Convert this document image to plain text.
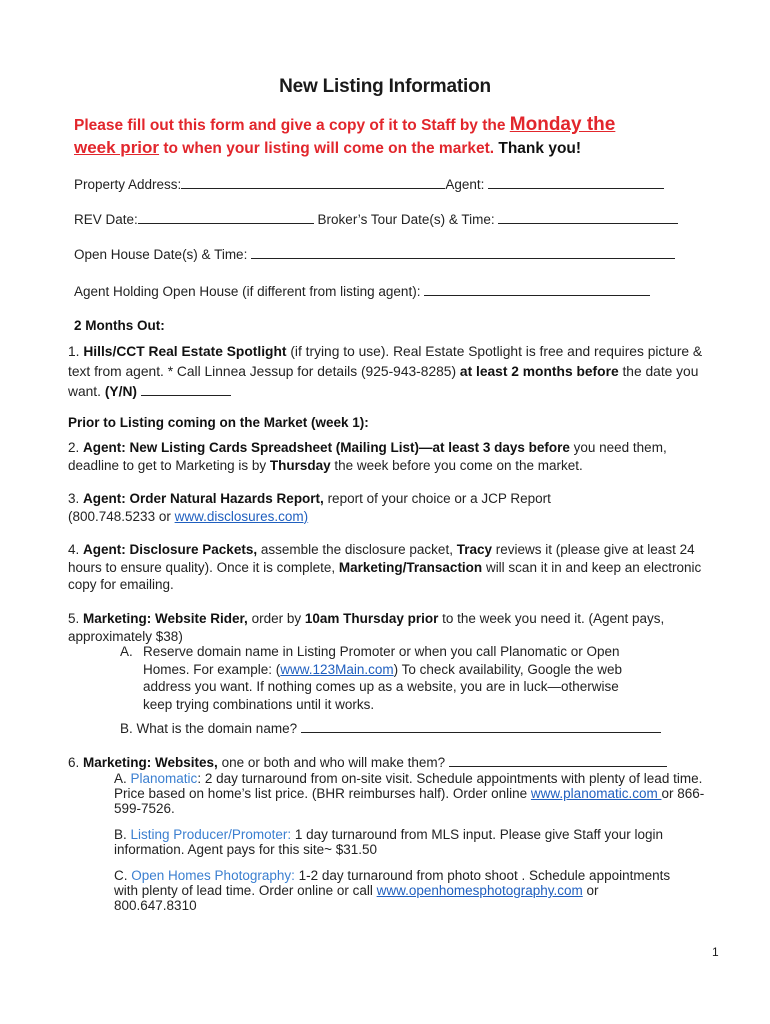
New Listing Information
Please fill out this form and give a copy of it to Staff by the Monday the
week prior to when your listing will come on the market. Thank you!
Property Address:	Agent:
REV Date:	Broker’s Tour Date(s) & Time:
Open House Date(s) & Time:
Agent Holding Open House (if different from listing agent):
2 Months Out:
1. Hills/CCT Real Estate Spotlight (if trying to use). Real Estate Spotlight is free and requires picture & text from agent. * Call Linnea Jessup for details (925-943-8285) at least 2 months before the date you want. (Y/N)
Prior to Listing coming on the Market (week 1):
2. Agent: New Listing Cards Spreadsheet (Mailing List)—at least 3 days before you need them, deadline to get to Marketing is by Thursday the week before you come on the market.
3. Agent: Order Natural Hazards Report, report of your choice or a JCP Report (800.748.5233 or www.disclosures.com)
4. Agent: Disclosure Packets, assemble the disclosure packet, Tracy reviews it (please give at least 24 hours to ensure quality). Once it is complete, Marketing/Transaction will scan it in and keep an electronic copy for emailing.
5. Marketing: Website Rider, order by 10am Thursday prior to the week you need it. (Agent pays, approximately $38)
A. Reserve domain name in Listing Promoter or when you call Planomatic or Open Homes. For example: (www.123Main.com) To check availability, Google the web address you want. If nothing comes up as a website, you are in luck—otherwise keep trying combinations until it works.
B. What is the domain name?
6. Marketing: Websites, one or both and who will make them?
A. Planomatic: 2 day turnaround from on-site visit. Schedule appointments with plenty of lead time. Price based on home’s list price. (BHR reimburses half). Order online www.planomatic.com or 866-599-7526.
B. Listing Producer/Promoter: 1 day turnaround from MLS input. Please give Staff your login information. Agent pays for this site~ $31.50
C. Open Homes Photography: 1-2 day turnaround from photo shoot . Schedule appointments with plenty of lead time. Order online or call www.openhomesphotography.com or 800.647.8310
1
